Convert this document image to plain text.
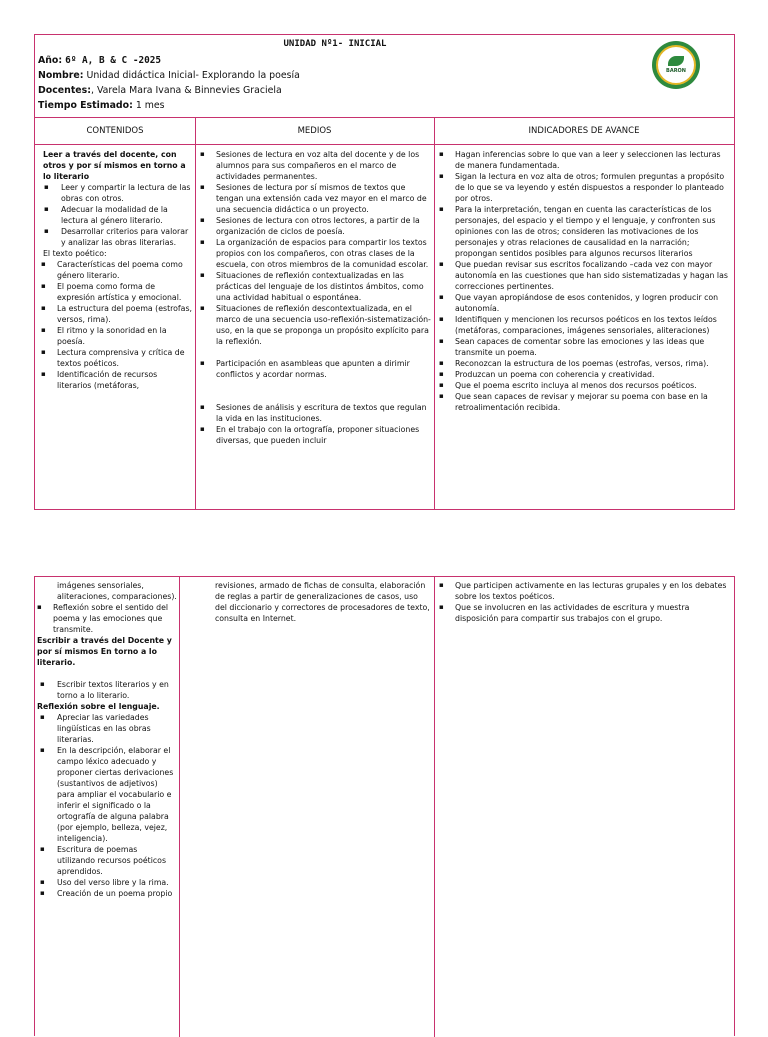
UNIDAD Nº1- INICIAL
Año: 6º A, B & C -2025
Nombre: Unidad didáctica Inicial- Explorando la poesía
Docentes:, Varela Mara Ivana & Binnevies Graciela
Tiempo Estimado: 1 mes
BARON
CONTENIDOS	MEDIOS	INDICADORES DE AVANCE
Leer a través del docente, con otros y por sí mismos en torno a lo literario
▪ Leer y compartir la lectura de las obras con otros.
▪ Adecuar la modalidad de la lectura al género literario.
▪ Desarrollar criterios para valorar y analizar las obras literarias.
El texto poético:
▪ Características del poema como género literario.
▪ El poema como forma de expresión artística y emocional.
▪ La estructura del poema (estrofas, versos, rima).
▪ El ritmo y la sonoridad en la poesía.
▪ Lectura comprensiva y crítica de textos poéticos.
▪ Identificación de recursos literarios (metáforas,
▪ Sesiones de lectura en voz alta del docente y de los alumnos para sus compañeros en el marco de actividades permanentes.
▪ Sesiones de lectura por sí mismos de textos que tengan una extensión cada vez mayor en el marco de una secuencia didáctica o un proyecto.
▪ Sesiones de lectura con otros lectores, a partir de la organización de ciclos de poesía.
▪ La organización de espacios para compartir los textos propios con los compañeros, con otras clases de la escuela, con otros miembros de la comunidad escolar.
▪ Situaciones de reflexión contextualizadas en las prácticas del lenguaje de los distintos ámbitos, como una actividad habitual o espontánea.
▪ Situaciones de reflexión descontextualizada, en el marco de una secuencia uso-reflexión-sistematización-uso, en la que se proponga un propósito explícito para la reflexión.
▪ Participación en asambleas que apunten a dirimir conflictos y acordar normas.
▪ Sesiones de análisis y escritura de textos que regulan la vida en las instituciones.
▪ En el trabajo con la ortografía, proponer situaciones diversas, que pueden incluir
▪ Hagan inferencias sobre lo que van a leer y seleccionen las lecturas de manera fundamentada.
▪ Sigan la lectura en voz alta de otros; formulen preguntas a propósito de lo que se va leyendo y estén dispuestos a responder lo planteado por otros.
▪ Para la interpretación, tengan en cuenta las características de los personajes, del espacio y el tiempo y el lenguaje, y confronten sus opiniones con las de otros; consideren las motivaciones de los personajes y otras relaciones de causalidad en la narración; propongan sentidos posibles para algunos recursos literarios
▪ Que puedan revisar sus escritos focalizando –cada vez con mayor autonomía en las cuestiones que han sido sistematizadas y hagan las correcciones pertinentes.
▪ Que vayan apropiándose de esos contenidos, y logren producir con autonomía.
▪ Identifiquen y mencionen los recursos poéticos en los textos leídos (metáforas, comparaciones, imágenes sensoriales, aliteraciones)
▪ Sean capaces de comentar sobre las emociones y las ideas que transmite un poema.
▪ Reconozcan la estructura de los poemas (estrofas, versos, rima).
▪ Produzcan un poema con coherencia y creatividad.
▪ Que el poema escrito incluya al menos dos recursos poéticos.
▪ Que sean capaces de revisar y mejorar su poema con base en la retroalimentación recibida.
imágenes sensoriales, aliteraciones, comparaciones).
▪ Reflexión sobre el sentido del poema y las emociones que transmite.
Escribir a través del Docente y por sí mismos En torno a lo literario.
▪ Escribir textos literarios y en torno a lo literario.
Reflexión sobre el lenguaje.
▪ Apreciar las variedades lingüísticas en las obras literarias.
▪ En la descripción, elaborar el campo léxico adecuado y proponer ciertas derivaciones (sustantivos de adjetivos) para ampliar el vocabulario e inferir el significado o la ortografía de alguna palabra (por ejemplo, belleza, vejez, inteligencia).
▪ Escritura de poemas utilizando recursos poéticos aprendidos.
▪ Uso del verso libre y la rima.
▪ Creación de un poema propio
revisiones, armado de fichas de consulta, elaboración de reglas a partir de generalizaciones de casos, uso del diccionario y correctores de procesadores de texto, consulta en Internet.
▪ Que participen activamente en las lecturas grupales y en los debates sobre los textos poéticos.
▪ Que se involucren en las actividades de escritura y muestra disposición para compartir sus trabajos con el grupo.
